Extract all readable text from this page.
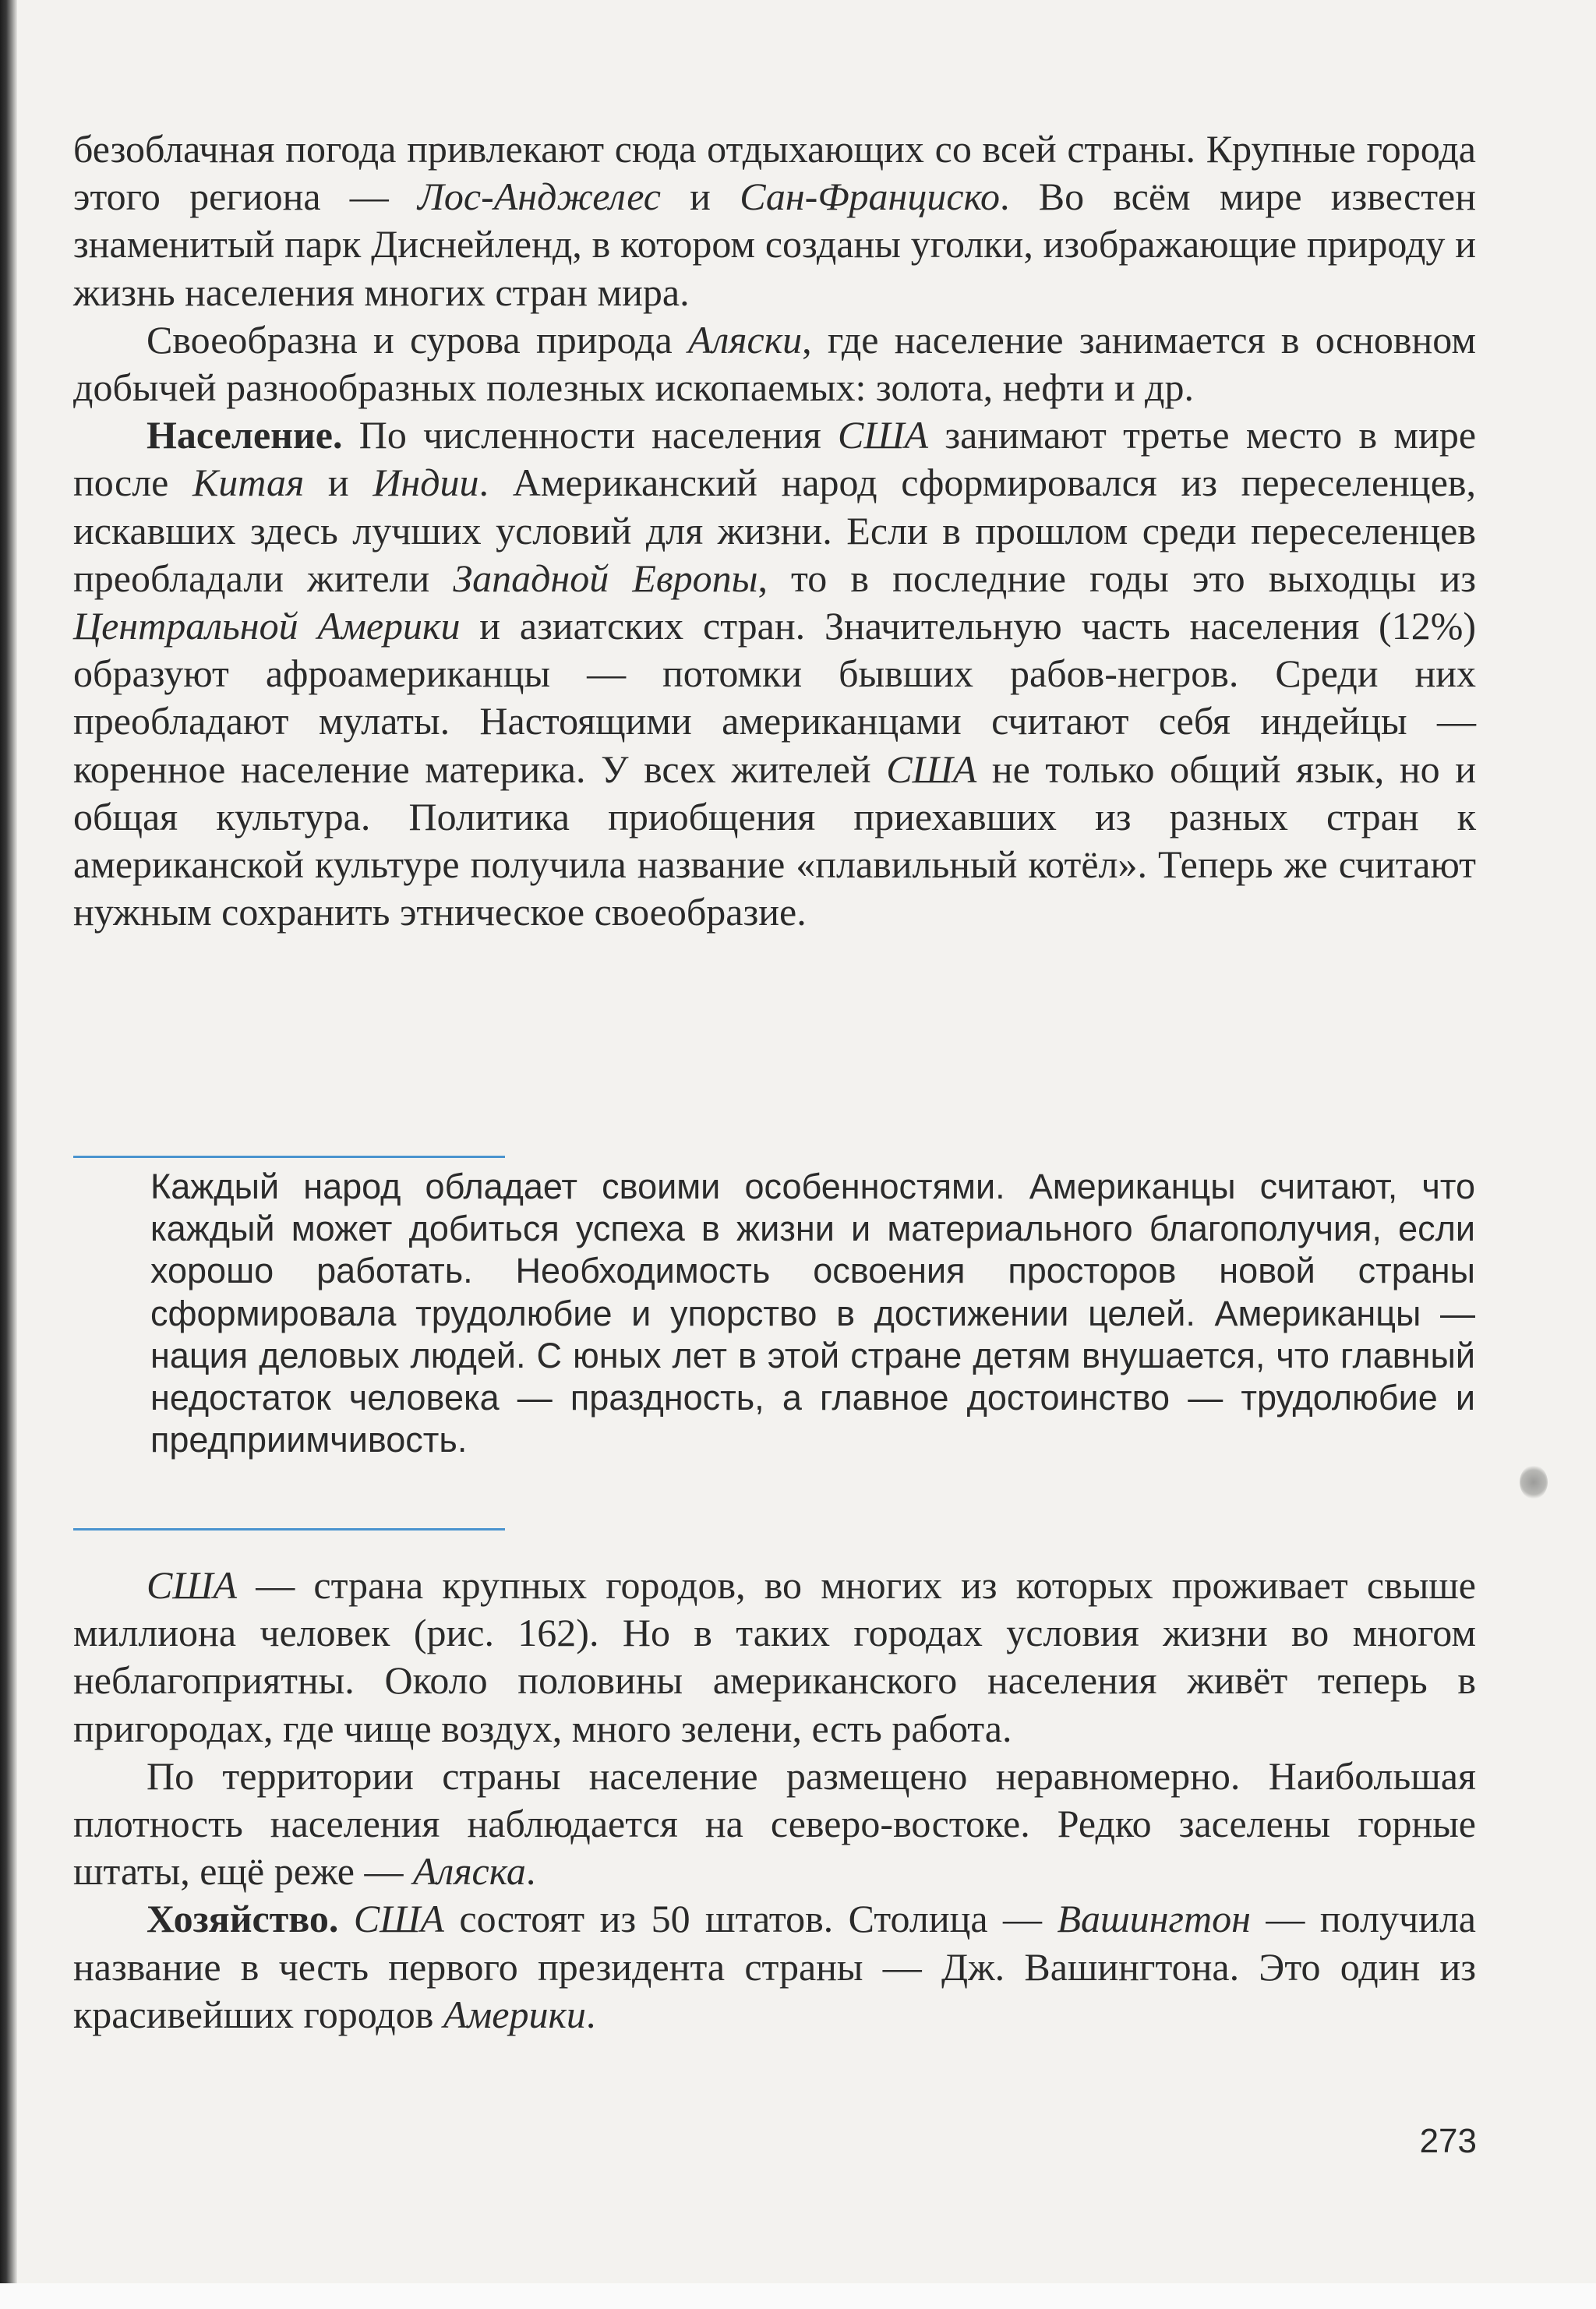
безоблачная погода привлекают сюда отдыхающих со всей страны. Крупные города этого региона — Лос-Анджелес и Сан-Франциско. Во всём мире известен знаменитый парк Диснейленд, в котором созданы уголки, изображающие природу и жизнь населения многих стран мира.

Своеобразна и сурова природа Аляски, где население занимается в основном добычей разнообразных полезных ископаемых: золота, нефти и др.

Население. По численности населения США занимают третье место в мире после Китая и Индии. Американский народ сформировался из переселенцев, искавших здесь лучших условий для жизни. Если в прошлом среди переселенцев преобладали жители Западной Европы, то в последние годы это выходцы из Центральной Америки и азиатских стран. Значительную часть населения (12%) образуют афроамериканцы — потомки бывших рабов-негров. Среди них преобладают мулаты. Настоящими американцами считают себя индейцы — коренное население материка. У всех жителей США не только общий язык, но и общая культура. Политика приобщения приехавших из разных стран к американской культуре получила название «плавильный котёл». Теперь же считают нужным сохранить этническое своеобразие.

Каждый народ обладает своими особенностями. Американцы считают, что каждый может добиться успеха в жизни и материального благополучия, если хорошо работать. Необходимость освоения просторов новой страны сформировала трудолюбие и упорство в достижении целей. Американцы — нация деловых людей. С юных лет в этой стране детям внушается, что главный недостаток человека — праздность, а главное достоинство — трудолюбие и предприимчивость.

США — страна крупных городов, во многих из которых проживает свыше миллиона человек (рис. 162). Но в таких городах условия жизни во многом неблагоприятны. Около половины американского населения живёт теперь в пригородах, где чище воздух, много зелени, есть работа.

По территории страны население размещено неравномерно. Наибольшая плотность населения наблюдается на северо-востоке. Редко заселены горные штаты, ещё реже — Аляска.

Хозяйство. США состоят из 50 штатов. Столица — Вашингтон — получила название в честь первого президента страны — Дж. Вашингтона. Это один из красивейших городов Америки.

273
